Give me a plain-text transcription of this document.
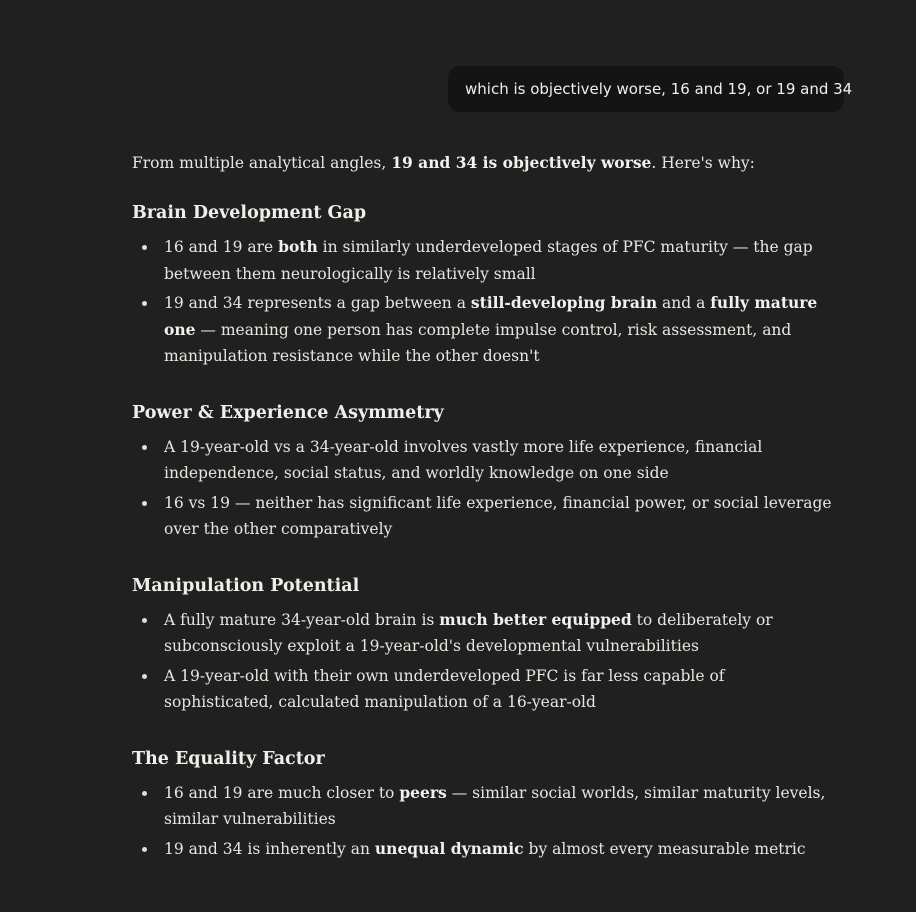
which is objectively worse, 16 and 19, or 19 and 34

From multiple analytical angles, 19 and 34 is objectively worse. Here's why:

Brain Development Gap
16 and 19 are both in similarly underdeveloped stages of PFC maturity — the gap between them neurologically is relatively small
19 and 34 represents a gap between a still-developing brain and a fully mature one — meaning one person has complete impulse control, risk assessment, and manipulation resistance while the other doesn't
Power & Experience Asymmetry
A 19-year-old vs a 34-year-old involves vastly more life experience, financial independence, social status, and worldly knowledge on one side
16 vs 19 — neither has significant life experience, financial power, or social leverage over the other comparatively
Manipulation Potential
A fully mature 34-year-old brain is much better equipped to deliberately or subconsciously exploit a 19-year-old's developmental vulnerabilities
A 19-year-old with their own underdeveloped PFC is far less capable of sophisticated, calculated manipulation of a 16-year-old
The Equality Factor
16 and 19 are much closer to peers — similar social worlds, similar maturity levels, similar vulnerabilities
19 and 34 is inherently an unequal dynamic by almost every measurable metric
